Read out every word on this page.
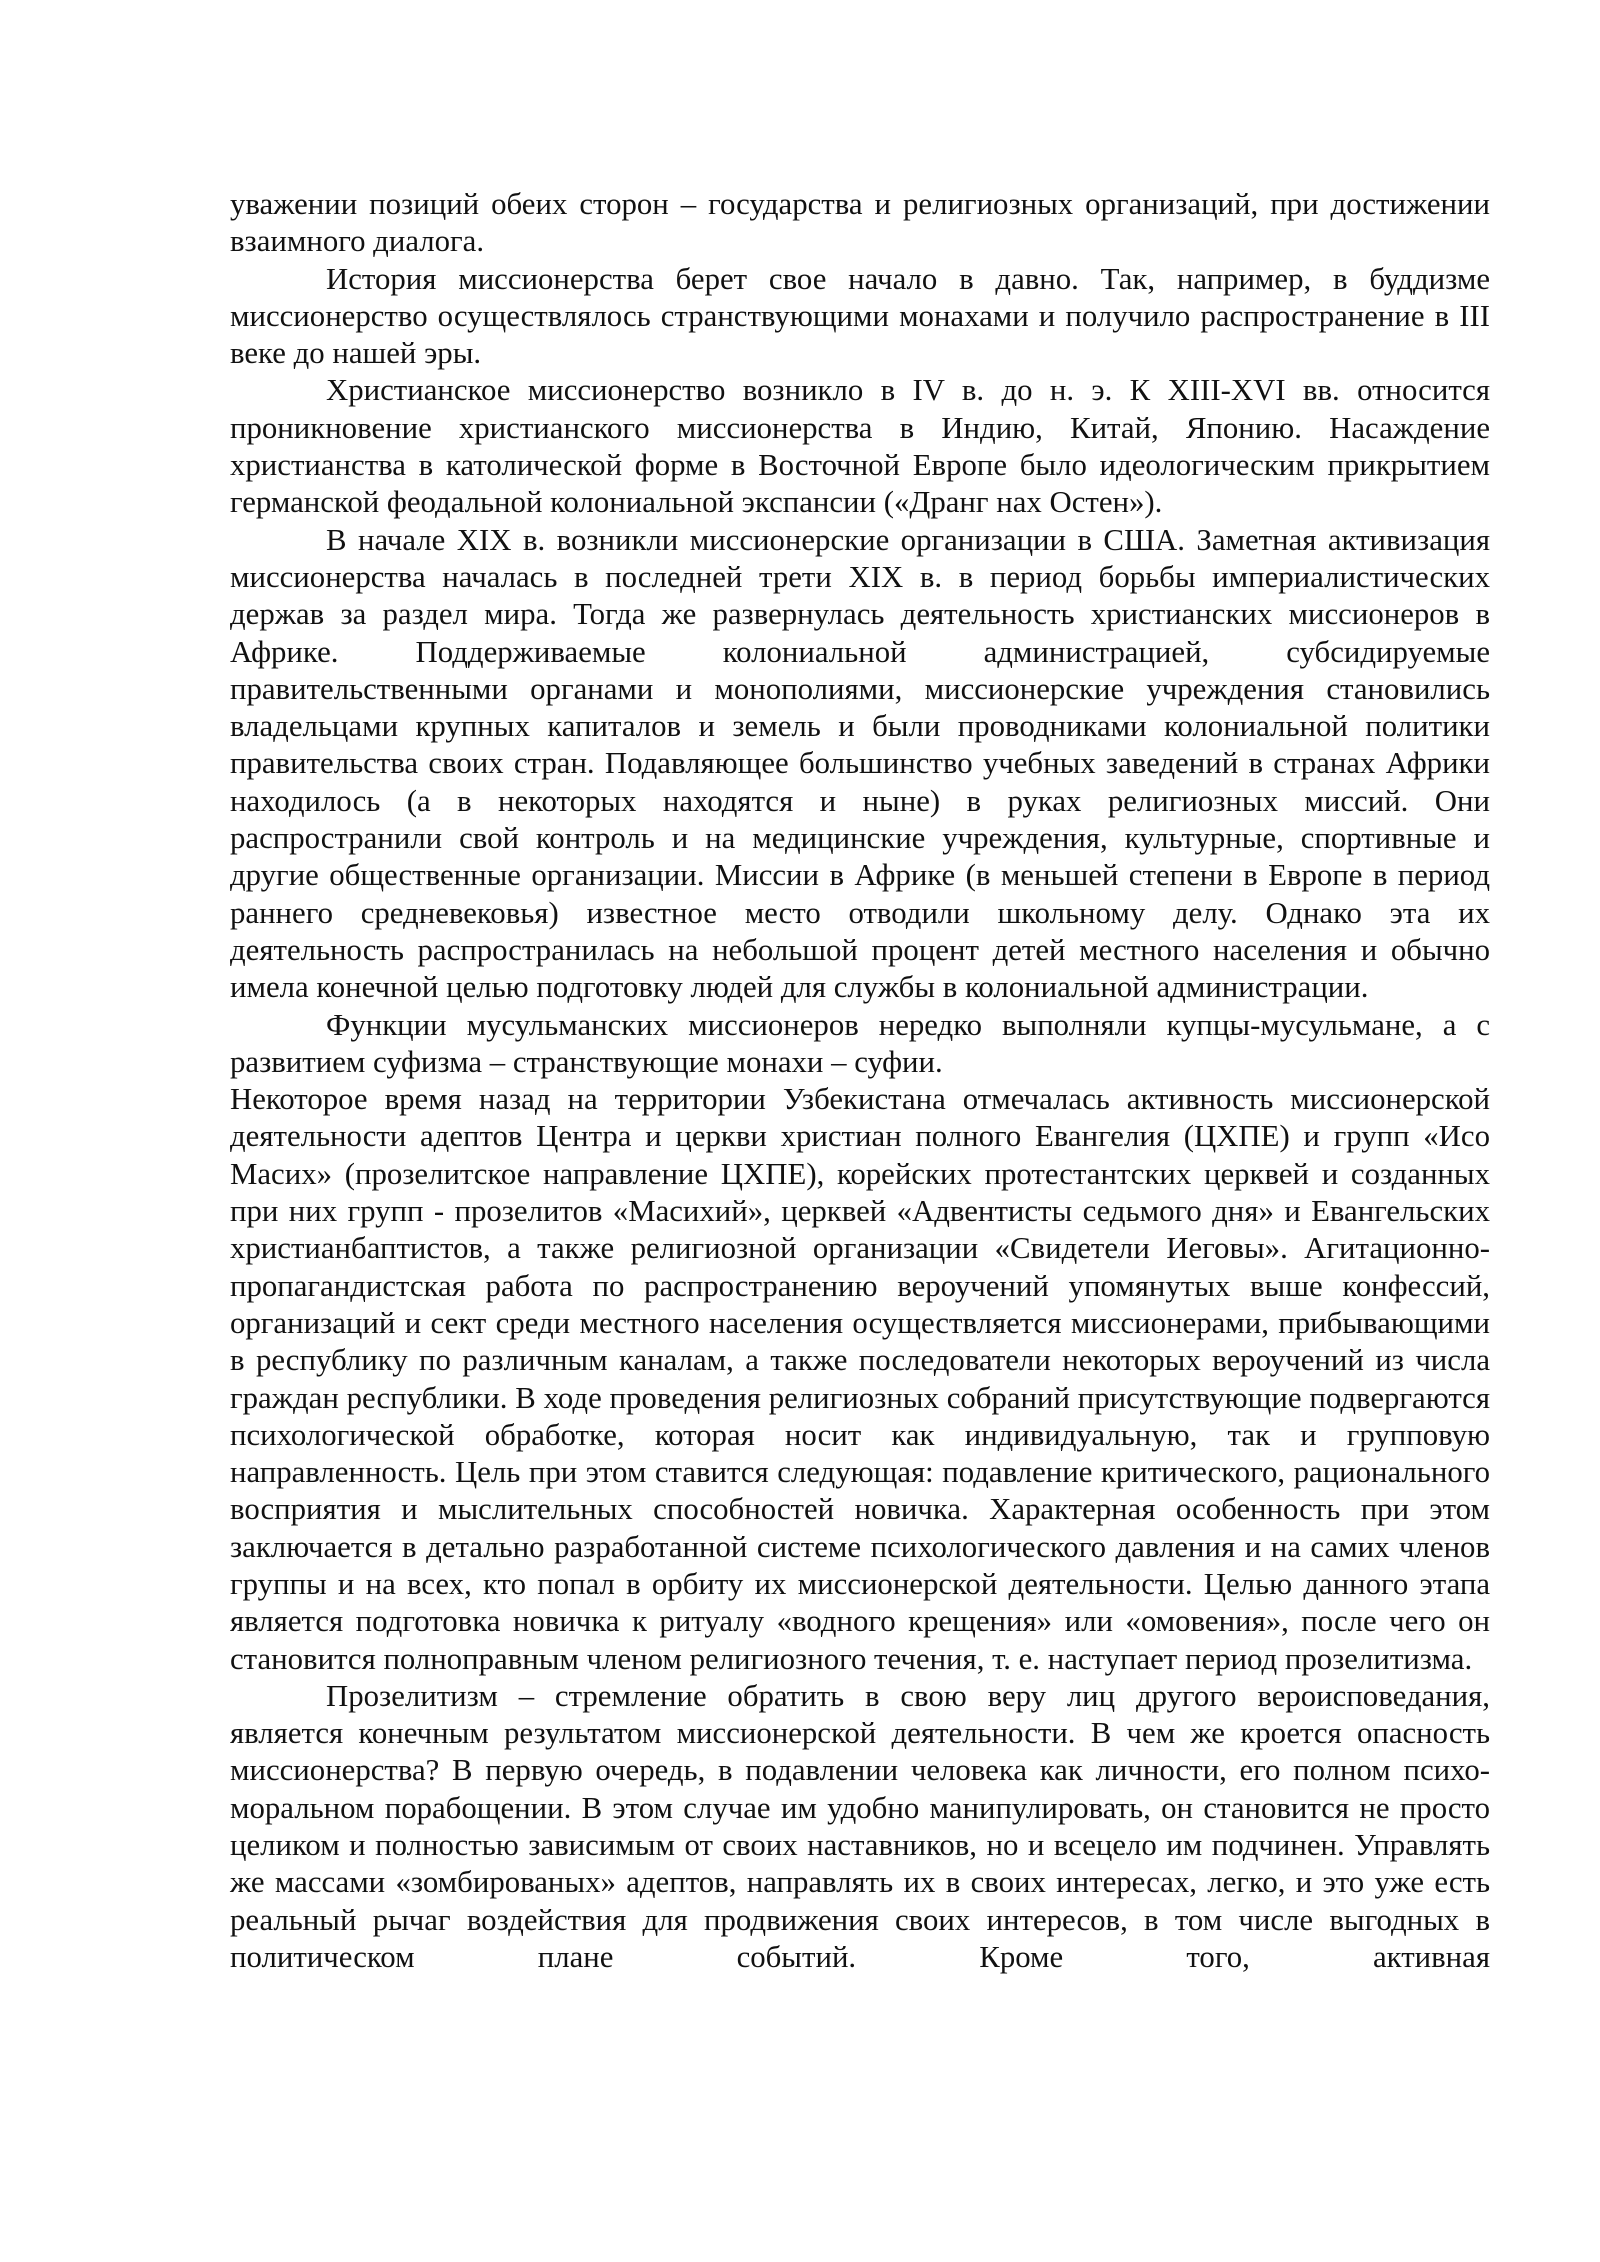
уважении позиций обеих сторон – государства и религиозных организаций, при достижении взаимного диалога.

История миссионерства берет свое начало в давно. Так, например, в буддизме миссионерство осуществлялось странствующими монахами и получило распространение в III веке до нашей эры.

Христианское миссионерство возникло в IV в. до н. э. К XIII-XVI вв. относится проникновение христианского миссионерства в Индию, Китай, Японию. Насаждение христианства в католической форме в Восточной Европе было идеологическим прикрытием германской феодальной колониальной экспансии («Дранг нах Остен»).

В начале XIX в. возникли миссионерские организации в США. Заметная активизация миссионерства началась в последней трети XIX в. в период борьбы империалистических держав за раздел мира. Тогда же развернулась деятельность христианских миссионеров в Африке. Поддерживаемые колониальной администрацией, субсидируемые правительственными органами и монополиями, миссионерские учреждения становились владельцами крупных капиталов и земель и были проводниками колониальной политики правительства своих стран. Подавляющее большинство учебных заведений в странах Африки находилось (а в некоторых находятся и ныне) в руках религиозных миссий. Они распространили свой контроль и на медицинские учреждения, культурные, спортивные и другие общественные организации. Миссии в Африке (в меньшей степени в Европе в период раннего средневековья) известное место отводили школьному делу. Однако эта их деятельность распространилась на небольшой процент детей местного населения и обычно имела конечной целью подготовку людей для службы в колониальной администрации.

Функции мусульманских миссионеров нередко выполняли купцы-мусульмане, а с развитием суфизма – странствующие монахи – суфии.

Некоторое время назад на территории Узбекистана отмечалась активность миссионерской деятельности адептов Центра и церкви христиан полного Евангелия (ЦХПЕ) и групп «Исо Масих» (прозелитское направление ЦХПЕ), корейских протестантских церквей и созданных при них групп - прозелитов «Масихий», церквей «Адвентисты седьмого дня» и Евангельских христианбаптистов, а также религиозной организации «Свидетели Иеговы». Агитационно-пропагандистская работа по распространению вероучений упомянутых выше конфессий, организаций и сект среди местного населения осуществляется миссионерами, прибывающими в республику по различным каналам, а также последователи некоторых вероучений из числа граждан республики. В ходе проведения религиозных собраний присутствующие подвергаются психологической обработке, которая носит как индивидуальную, так и групповую направленность. Цель при этом ставится следующая: подавление критического, рационального восприятия и мыслительных способностей новичка. Характерная особенность при этом заключается в детально разработанной системе психологического давления и на самих членов группы и на всех, кто попал в орбиту их миссионерской деятельности. Целью данного этапа является подготовка новичка к ритуалу «водного крещения» или «омовения», после чего он становится полноправным членом религиозного течения, т. е. наступает период прозелитизма.

Прозелитизм – стремление обратить в свою веру лиц другого вероисповедания, является конечным результатом миссионерской деятельности. В чем же кроется опасность миссионерства? В первую очередь, в подавлении человека как личности, его полном психо-моральном порабощении. В этом случае им удобно манипулировать, он становится не просто целиком и полностью зависимым от своих наставников, но и всецело им подчинен. Управлять же массами «зомбированых» адептов, направлять их в своих интересах, легко, и это уже есть реальный рычаг воздействия для продвижения своих интересов, в том числе выгодных в политическом плане событий. Кроме того, активная
